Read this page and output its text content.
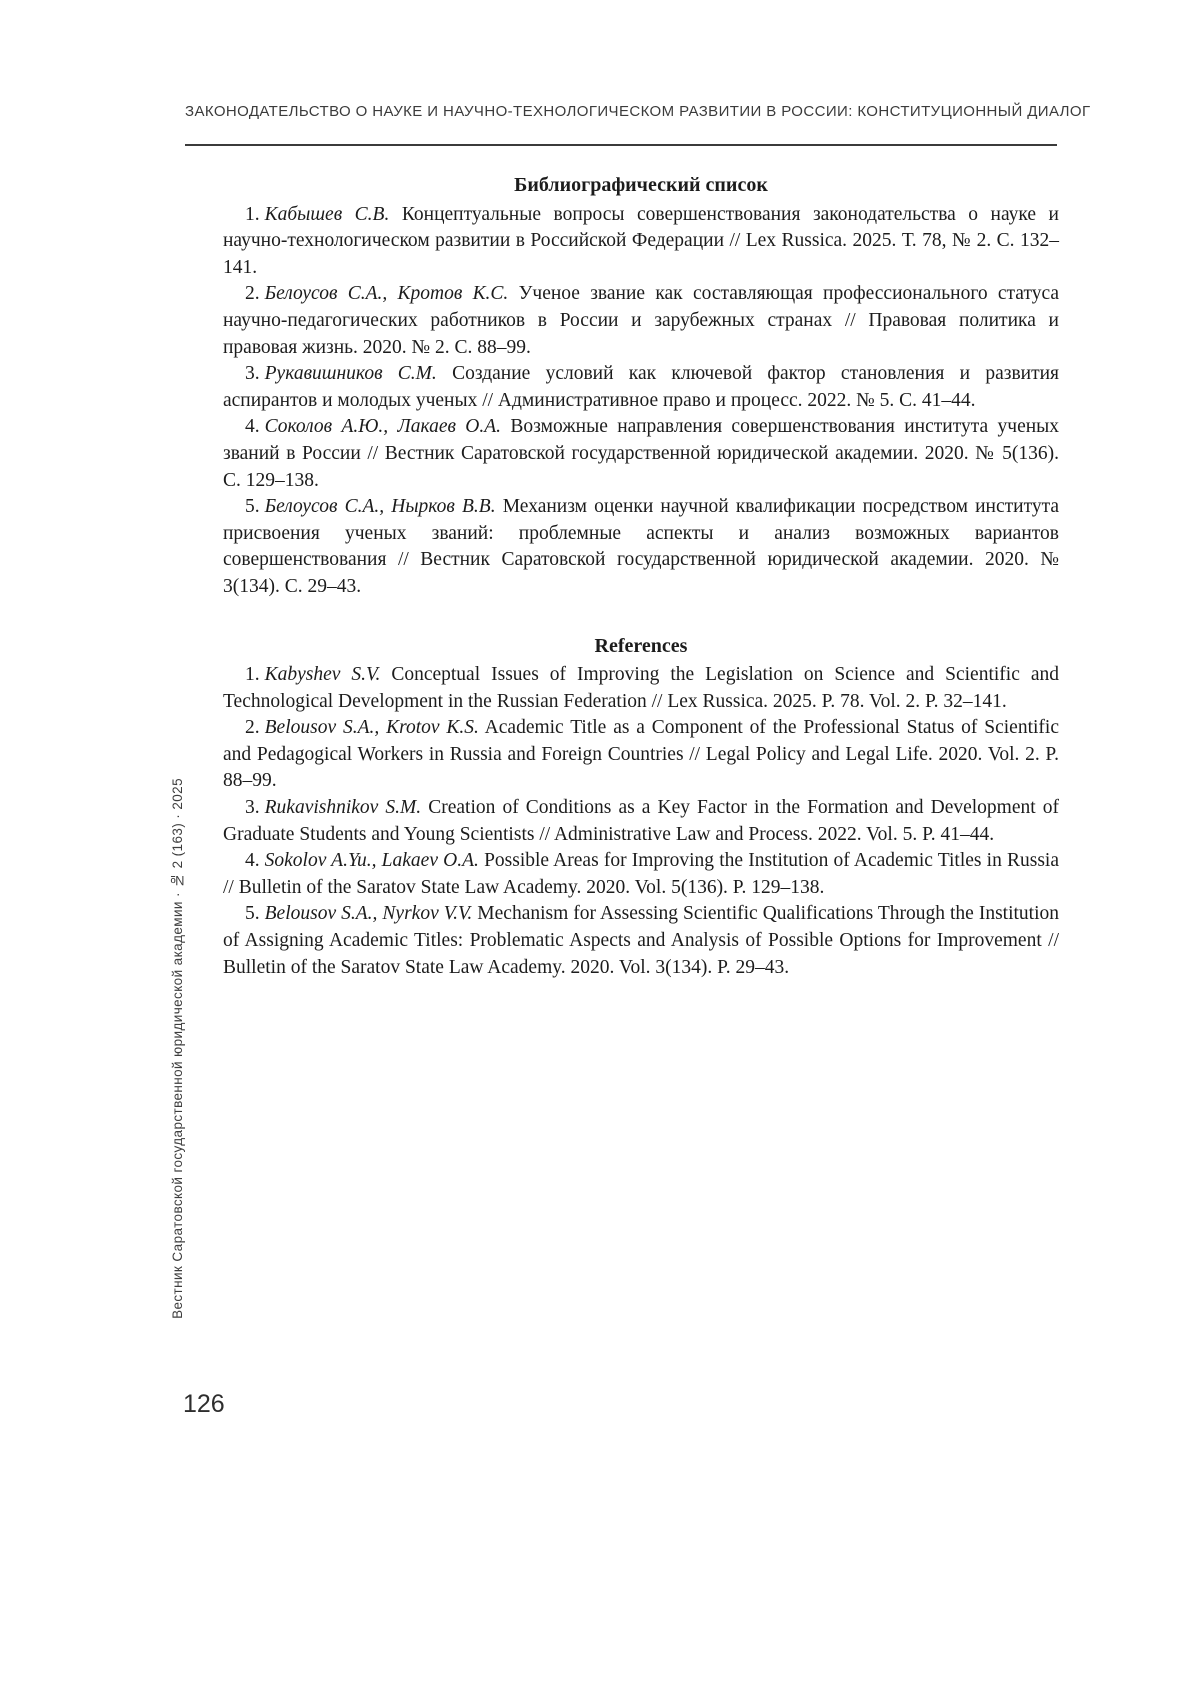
ЗАКОНОДАТЕЛЬСТВО О НАУКЕ И НАУЧНО-ТЕХНОЛОГИЧЕСКОМ РАЗВИТИИ В РОССИИ: КОНСТИТУЦИОННЫЙ ДИАЛОГ
Библиографический список

1. Кабышев С.В. Концептуальные вопросы совершенствования законодательства о науке и научно-технологическом развитии в Российской Федерации // Lex Russica. 2025. Т. 78, № 2. С. 132–141.

2. Белоусов С.А., Кротов К.С. Ученое звание как составляющая профессионального статуса научно-педагогических работников в России и зарубежных странах // Правовая политика и правовая жизнь. 2020. № 2. С. 88–99.

3. Рукавишников С.М. Создание условий как ключевой фактор становления и развития аспирантов и молодых ученых // Административное право и процесс. 2022. № 5. С. 41–44.

4. Соколов А.Ю., Лакаев О.А. Возможные направления совершенствования института ученых званий в России // Вестник Саратовской государственной юридической академии. 2020. № 5(136). С. 129–138.

5. Белоусов С.А., Нырков В.В. Механизм оценки научной квалификации посредством института присвоения ученых званий: проблемные аспекты и анализ возможных вариантов совершенствования // Вестник Саратовской государственной юридической академии. 2020. № 3(134). С. 29–43.

References

1. Kabyshev S.V. Conceptual Issues of Improving the Legislation on Science and Scientific and Technological Development in the Russian Federation // Lex Russica. 2025. P. 78. Vol. 2. P. 32–141.

2. Belousov S.A., Krotov K.S. Academic Title as a Component of the Professional Status of Scientific and Pedagogical Workers in Russia and Foreign Countries // Legal Policy and Legal Life. 2020. Vol. 2. P. 88–99.

3. Rukavishnikov S.M. Creation of Conditions as a Key Factor in the Formation and Development of Graduate Students and Young Scientists // Administrative Law and Process. 2022. Vol. 5. P. 41–44.

4. Sokolov A.Yu., Lakaev O.A. Possible Areas for Improving the Institution of Academic Titles in Russia // Bulletin of the Saratov State Law Academy. 2020. Vol. 5(136). P. 129–138.

5. Belousov S.A., Nyrkov V.V. Mechanism for Assessing Scientific Qualifications Through the Institution of Assigning Academic Titles: Problematic Aspects and Analysis of Possible Options for Improvement // Bulletin of the Saratov State Law Academy. 2020. Vol. 3(134). P. 29–43.

Вестник Саратовской государственной юридической академии · № 2 (163) · 2025
126
